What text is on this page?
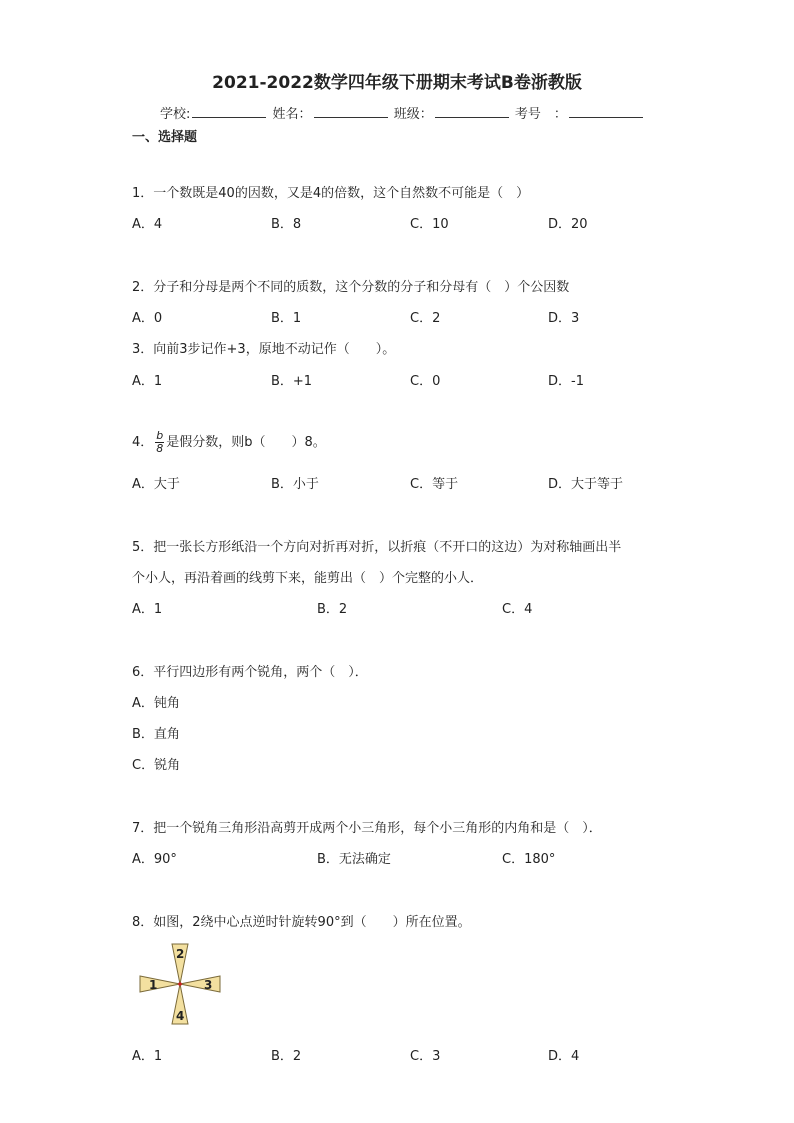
2021-2022数学四年级下册期末考试B卷浙教版
学校:	姓名：	班级：	考号　：
一、选择题
1．一个数既是40的因数，又是4的倍数，这个自然数不可能是（　）
A．4	B．8	C．10	D．20
2．分子和分母是两个不同的质数，这个分数的分子和分母有（　）个公因数
A．0	B．1	C．2	D．3
3．向前3步记作+3，原地不动记作（　　）。
A．1	B．+1	C．0	D．-1
4． $\frac{b}{8}$ 是假分数，则b（　　）8。
A．大于	B．小于	C．等于	D．大于等于
5．把一张长方形纸沿一个方向对折再对折，以折痕（不开口的这边）为对称轴画出半
个小人，再沿着画的线剪下来，能剪出（　）个完整的小人．
A．1	B．2	C．4
6．平行四边形有两个锐角，两个（　）．
A．钝角
B．直角
C．锐角
7．把一个锐角三角形沿高剪开成两个小三角形，每个小三角形的内角和是（　）．
A．90°	B．无法确定	C．180°
8．如图，2绕中心点逆时针旋转90°到（　　）所在位置。
1
2
3
4
A．1	B．2	C．3	D．4
